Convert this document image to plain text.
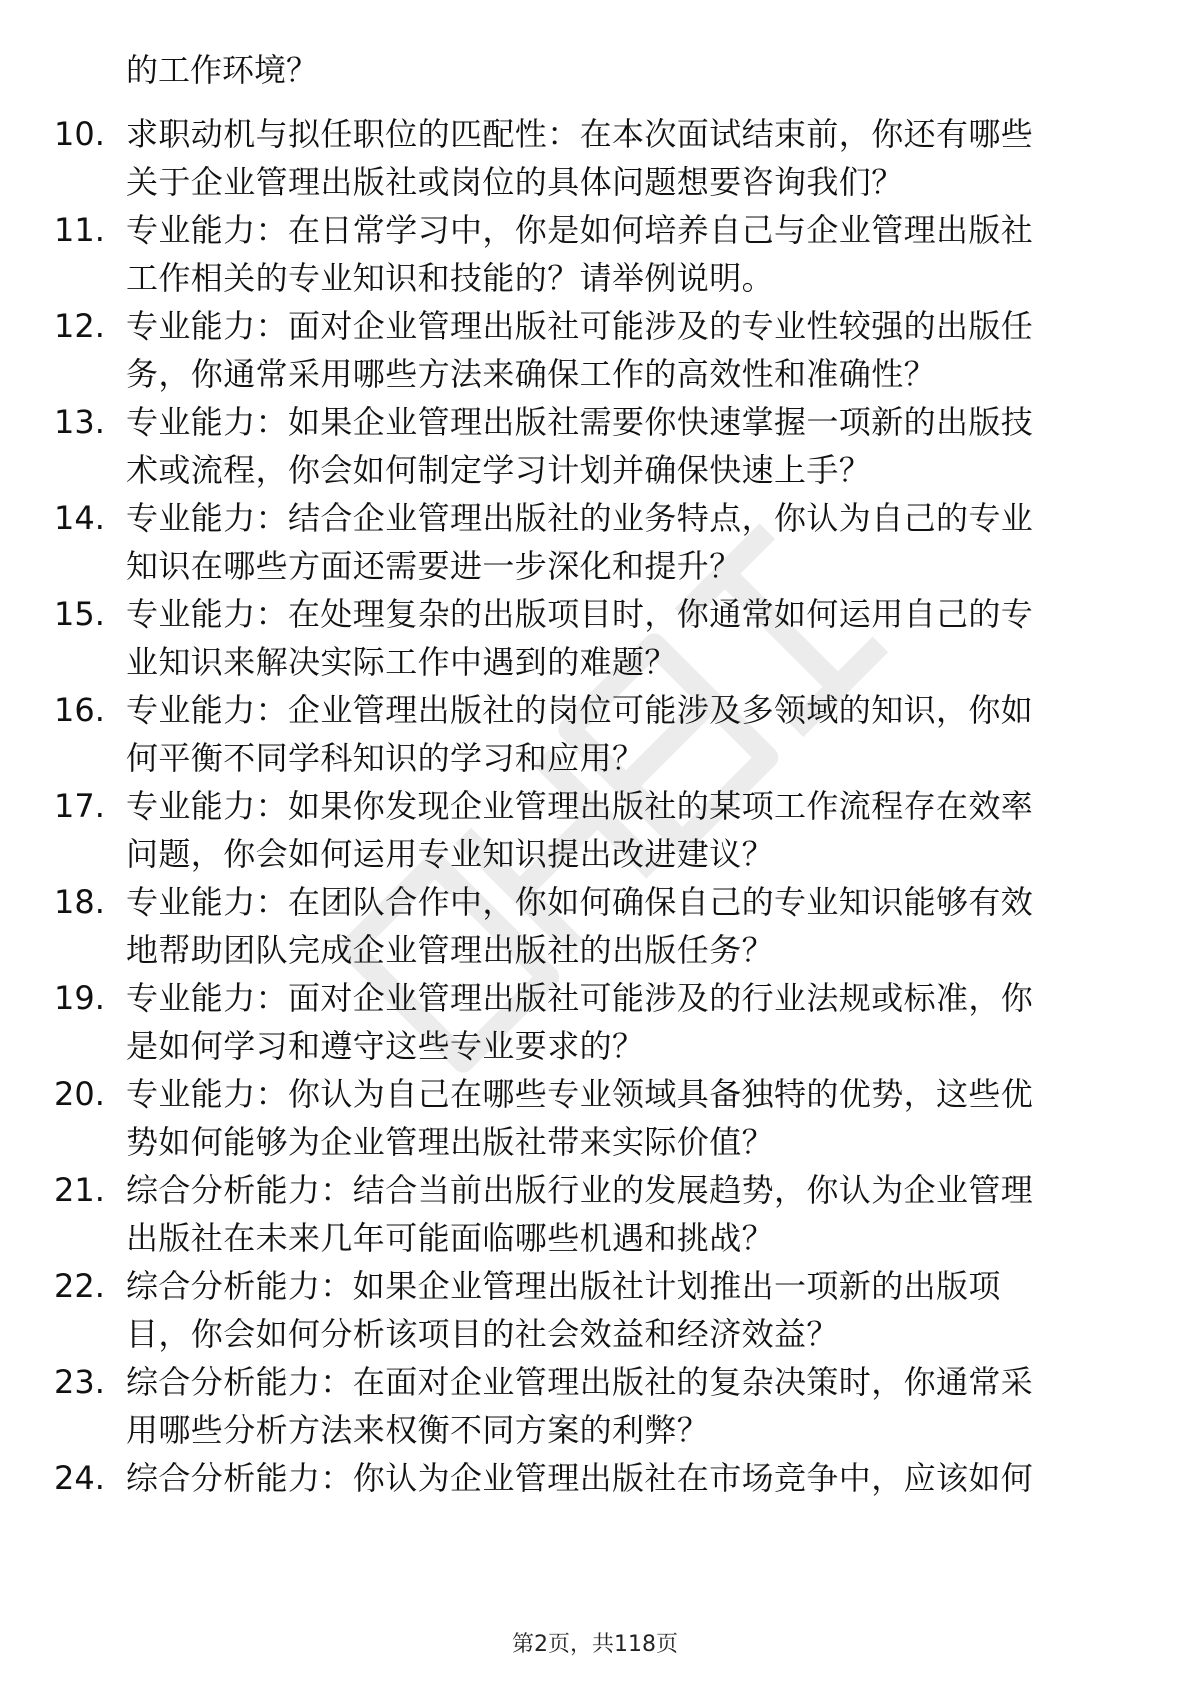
的工作环境？
10. 求职动机与拟任职位的匹配性：在本次面试结束前，你还有哪些
关于企业管理出版社或岗位的具体问题想要咨询我们？
11. 专业能力：在日常学习中，你是如何培养自己与企业管理出版社
工作相关的专业知识和技能的？请举例说明。
12. 专业能力：面对企业管理出版社可能涉及的专业性较强的出版任
务，你通常采用哪些方法来确保工作的高效性和准确性？
13. 专业能力：如果企业管理出版社需要你快速掌握一项新的出版技
术或流程，你会如何制定学习计划并确保快速上手？
14. 专业能力：结合企业管理出版社的业务特点，你认为自己的专业
知识在哪些方面还需要进一步深化和提升？
15. 专业能力：在处理复杂的出版项目时，你通常如何运用自己的专
业知识来解决实际工作中遇到的难题？
16. 专业能力：企业管理出版社的岗位可能涉及多领域的知识，你如
何平衡不同学科知识的学习和应用？
17. 专业能力：如果你发现企业管理出版社的某项工作流程存在效率
问题，你会如何运用专业知识提出改进建议？
18. 专业能力：在团队合作中，你如何确保自己的专业知识能够有效
地帮助团队完成企业管理出版社的出版任务？
19. 专业能力：面对企业管理出版社可能涉及的行业法规或标准，你
是如何学习和遵守这些专业要求的？
20. 专业能力：你认为自己在哪些专业领域具备独特的优势，这些优
势如何能够为企业管理出版社带来实际价值？
21. 综合分析能力：结合当前出版行业的发展趋势，你认为企业管理
出版社在未来几年可能面临哪些机遇和挑战？
22. 综合分析能力：如果企业管理出版社计划推出一项新的出版项
目，你会如何分析该项目的社会效益和经济效益？
23. 综合分析能力：在面对企业管理出版社的复杂决策时，你通常采
用哪些分析方法来权衡不同方案的利弊？
24. 综合分析能力：你认为企业管理出版社在市场竞争中，应该如何
第2页，共118页
